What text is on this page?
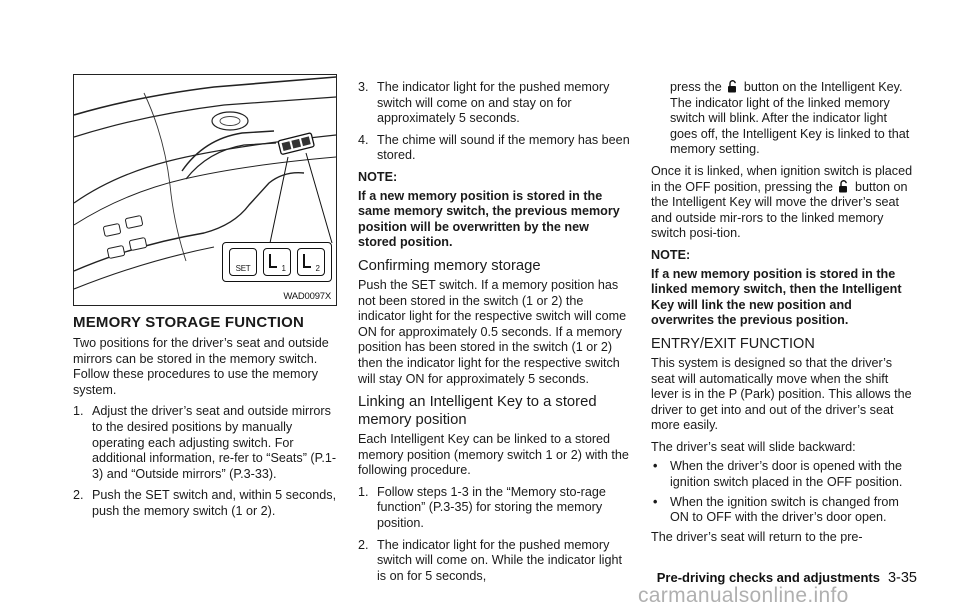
SET	1	2
WAD0097X
MEMORY STORAGE FUNCTION

Two positions for the driver’s seat and outside mirrors can be stored in the memory switch. Follow these procedures to use the memory system.

1. Adjust the driver’s seat and outside mirrors to the desired positions by manually operating each adjusting switch. For additional information, re-fer to “Seats” (P.1-3) and “Outside mirrors” (P.3-33).
2. Push the SET switch and, within 5 seconds, push the memory switch (1 or 2).
3. The indicator light for the pushed memory switch will come on and stay on for approximately 5 seconds.
4. The chime will sound if the memory has been stored.
NOTE:

If a new memory position is stored in the same memory switch, the previous memory position will be overwritten by the new stored position.

Confirming memory storage

Push the SET switch. If a memory position has not been stored in the switch (1 or 2) the indicator light for the respective switch will come ON for approximately 0.5 seconds. If a memory position has been stored in the switch (1 or 2) then the indicator light for the respective switch will stay ON for approximately 5 seconds.

Linking an Intelligent Key to a stored memory position

Each Intelligent Key can be linked to a stored memory position (memory switch 1 or 2) with the following procedure.

1. Follow steps 1-3 in the “Memory sto-rage function” (P.3-35) for storing the memory position.
2. The indicator light for the pushed memory switch will come on. While the indicator light is on for 5 seconds,

press the button on the Intelligent Key. The indicator light of the linked memory switch will blink. After the indicator light goes off, the Intelligent Key is linked to that memory setting.

Once it is linked, when ignition switch is placed in the OFF position, pressing the button on the Intelligent Key will move the driver’s seat and outside mir-rors to the linked memory switch posi-tion.

NOTE:

If a new memory position is stored in the linked memory switch, then the Intelligent Key will link the new position and overwrites the previous position.

ENTRY/EXIT FUNCTION

This system is designed so that the driver’s seat will automatically move when the shift lever is in the P (Park) position. This allows the driver to get into and out of the driver’s seat more easily.

The driver’s seat will slide backward:

• When the driver’s door is opened with the ignition switch placed in the OFF position.
• When the ignition switch is changed from ON to OFF with the driver’s door open.

The driver’s seat will return to the pre-

Pre-driving checks and adjustments 3-35
carmanualsonline.info
